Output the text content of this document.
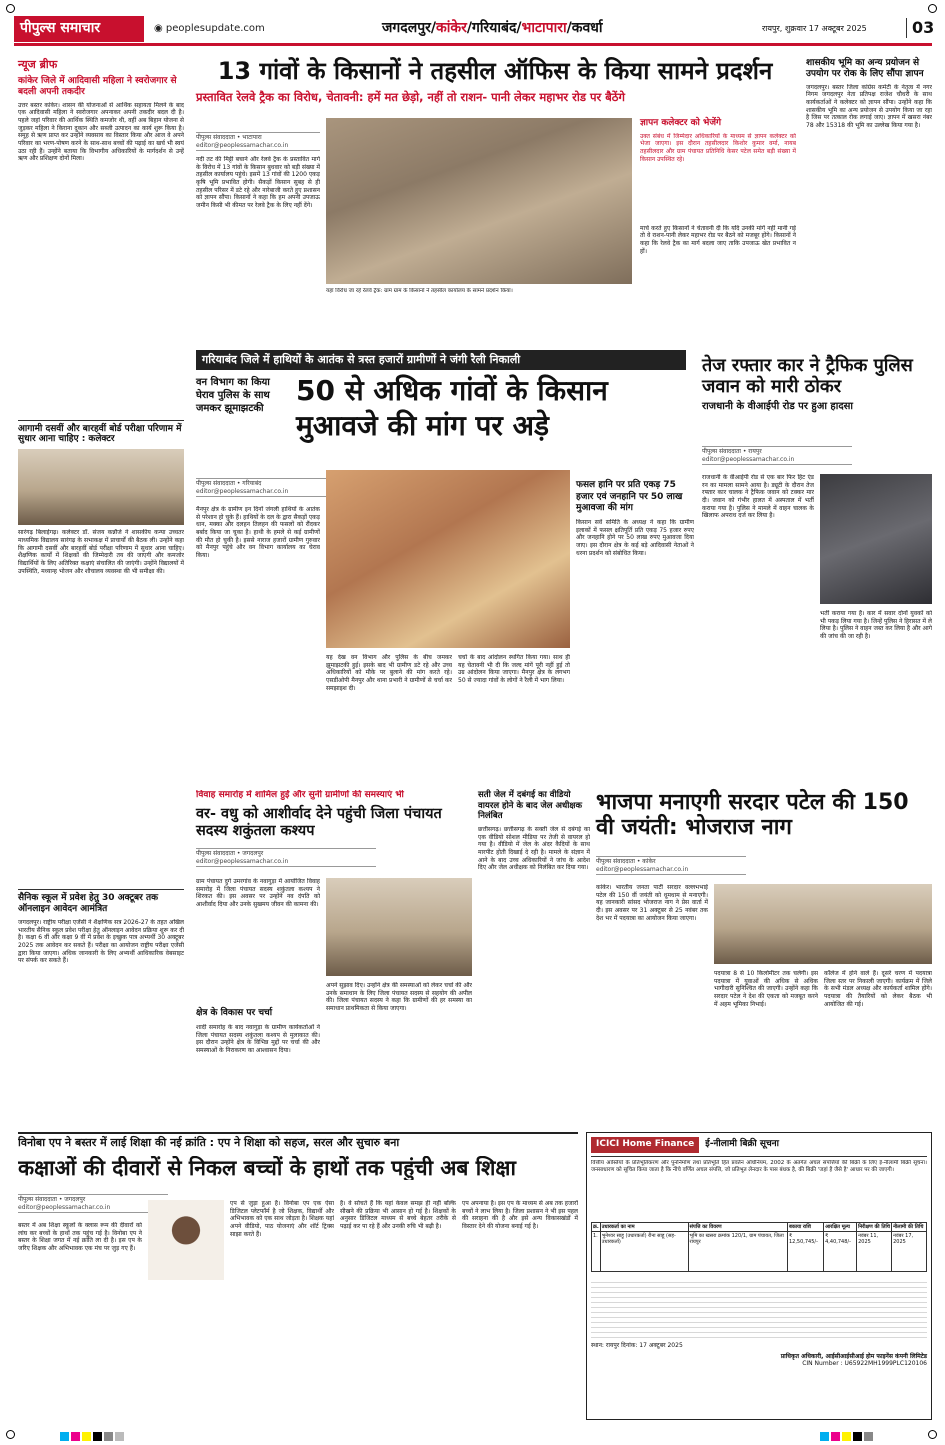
पीपुल्स समाचार	◉ peoplesupdate.com	जगदलपुर/कांकेर/गरियाबंद/भाटापारा/कवर्धा	रायपुर, शुक्रवार 17 अक्टूबर 2025	03
न्यूज ब्रीफ
कांकेर जिले में आदिवासी महिला ने स्वरोजगार से बदली अपनी तकदीर
उत्तर बस्तर कांकेर। शासन की योजनाओं से आर्थिक सहायता मिलने के बाद एक आदिवासी महिला ने स्वरोजगार अपनाकर अपनी तकदीर बदल दी है। पहले जहां परिवार की आर्थिक स्थिति कमजोर थी, वहीं अब बिहान योजना से जुड़कर महिला ने किराना दुकान और सब्जी उत्पादन का कार्य शुरू किया है। समूह से ऋण प्राप्त कर उन्होंने व्यवसाय का विस्तार किया और आज वे अपने परिवार का भरण-पोषण करने के साथ-साथ बच्चों की पढ़ाई का खर्च भी स्वयं उठा रही हैं। उन्होंने बताया कि विभागीय अधिकारियों के मार्गदर्शन से उन्हें ऋण और प्रशिक्षण दोनों मिला।
आगामी दसवीं और बारहवीं बोर्ड परीक्षा परिणाम में सुधार आना चाहिए : कलेक्टर
सारंगढ़ बिलाईगढ़। कलेक्टर डॉ. संजय कन्नौजे ने शासकीय कन्या उच्चतर माध्यमिक विद्यालय सारंगढ़ के सभाकक्ष में प्राचार्यों की बैठक ली। उन्होंने कहा कि आगामी दसवीं और बारहवीं बोर्ड परीक्षा परिणाम में सुधार आना चाहिए। शैक्षणिक कार्यों में शिक्षकों की जिम्मेदारी तय की जाएगी और कमजोर विद्यार्थियों के लिए अतिरिक्त कक्षाएं संचालित की जाएंगी। उन्होंने विद्यालयों में उपस्थिति, मध्यान्ह भोजन और शौचालय व्यवस्था की भी समीक्षा की।
सैनिक स्कूल में प्रवेश हेतु 30 अक्टूबर तक ऑनलाइन आवेदन आमंत्रित
जगदलपुर। राष्ट्रीय परीक्षा एजेंसी ने शैक्षणिक सत्र 2026-27 के तहत अखिल भारतीय सैनिक स्कूल प्रवेश परीक्षा हेतु ऑनलाइन आवेदन प्रक्रिया शुरू कर दी है। कक्षा 6 वीं और कक्षा 9 वीं में प्रवेश के इच्छुक पात्र अभ्यर्थी 30 अक्टूबर 2025 तक आवेदन कर सकते हैं। परीक्षा का आयोजन राष्ट्रीय परीक्षा एजेंसी द्वारा किया जाएगा। अधिक जानकारी के लिए अभ्यर्थी आधिकारिक वेबसाइट पर संपर्क कर सकते हैं।
13 गांवों के किसानों ने तहसील ऑफिस के किया सामने प्रदर्शन
प्रस्तावित रेलवे ट्रैक का विरोध, चेतावनी: हमें मत छेड़ो, नहीं तो राशन- पानी लेकर महाभर रोड पर बैठेंगे
पीपुल्स संवाददाता • भाटापारा
editor@peoplessamachar.co.in
नदी तट की मिट्टी बचाने और रेलवे ट्रैक के प्रस्तावित मार्ग के विरोध में 13 गांवों के किसान बुधवार को बड़ी संख्या में तहसील कार्यालय पहुंचे। इसमें 13 गांवों की 1200 एकड़ कृषि भूमि प्रभावित होगी। सैकड़ों किसान सुबह से ही तहसील परिसर में डटे रहे और नारेबाजी करते हुए प्रशासन को ज्ञापन सौंपा। किसानों ने कहा कि हम अपनी उपजाऊ जमीन किसी भी कीमत पर रेलवे ट्रैक के लिए नहीं देंगे।
यहां विरोध जा रहे रेलवे ट्रैक: ग्राम ग्राम के किसानों ने तहसील कार्यालय के सामने प्रदर्शन किया।
ज्ञापन कलेक्टर को भेजेंगे
उक्त संबंध में जिम्मेदार अधिकारियों के माध्यम से ज्ञापन कलेक्टर को भेजा जाएगा। इस दौरान तहसीलदार किशोर कुमार वर्मा, नायब तहसीलदार और ग्राम पंचायत प्रतिनिधि केसर पटेल समेत बड़ी संख्या में किसान उपस्थित रहे।
मार्च करते हुए किसानों ने चेतावनी दी कि यदि उनकी मांगें नहीं मानी गई तो वे राशन-पानी लेकर महाभर रोड पर बैठने को मजबूर होंगे। किसानों ने कहा कि रेलवे ट्रैक का मार्ग बदला जाए ताकि उपजाऊ खेत प्रभावित न हों।
शासकीय भूमि का अन्य प्रयोजन से उपयोग पर रोक के लिए सौंपा ज्ञापन
जगदलपुर। बस्तर जिला कांग्रेस कमेटी के नेतृत्व में नगर निगम जगदलपुर नेता प्रतिपक्ष राजेश चौधरी के साथ कार्यकर्ताओं ने कलेक्टर को ज्ञापन सौंपा। उन्होंने कहा कि शासकीय भूमि का अन्य प्रयोजन से उपयोग किया जा रहा है जिस पर तत्काल रोक लगाई जाए। ज्ञापन में खसरा नंबर 78 और 15318 की भूमि का उल्लेख किया गया है।
गरियाबंद जिले में हाथियों के आतंक से त्रस्त हजारों ग्रामीणों ने जंगी रैली निकाली
वन विभाग का किया घेराव पुलिस के साथ जमकर झूमाझटकी
50 से अधिक गांवों के किसान
मुआवजे की मांग पर अड़े
पीपुल्स संवाददाता • गरियाबंद
editor@peoplessamachar.co.in
मैनपुर क्षेत्र के ग्रामीण इन दिनों जंगली हाथियों के आतंक से परेशान हो चुके हैं। हाथियों के दल के द्वारा सैकड़ों एकड़ धान, मक्का और दलहन तिलहन की फसलों को रौंदकर बर्बाद किया जा चुका है। हाथी के हमले से कई ग्रामीणों की मौत हो चुकी है। इससे नाराज हजारों ग्रामीण गुरुवार को मैनपुर पहुंचे और वन विभाग कार्यालय का घेराव किया।
यह देख वन विभाग और पुलिस के बीच जमकर झूमाझटकी हुई। इसके बाद भी ग्रामीण डटे रहे और उच्च अधिकारियों को मौके पर बुलाने की मांग करते रहे। एसडीओपी मैनपुर और थाना प्रभारी ने ग्रामीणों से चर्चा कर समझाइश दी।
चर्चा के बाद आंदोलन स्थगित किया गया। साथ ही यह चेतावनी भी दी कि जल्द मांगें पूरी नहीं हुई तो उग्र आंदोलन किया जाएगा। मैनपुर क्षेत्र के लगभग 50 से ज्यादा गांवों के लोगों ने रैली में भाग लिया।
फसल हानि पर प्रति एकड़ 75 हजार एवं जनहानि पर 50 लाख मुआवजा की मांग
किसान सर्वे समिति के अध्यक्ष ने कहा कि ग्रामीण इलाकों में फसल क्षतिपूर्ति प्रति एकड़ 75 हजार रुपए और जनहानि होने पर 50 लाख रुपए मुआवजा दिया जाए। इस दौरान क्षेत्र के कई बड़े आदिवासी नेताओं ने धरना प्रदर्शन को संबोधित किया।
तेज रफ्तार कार ने ट्रैफिक पुलिस जवान को मारी ठोकर
राजधानी के वीआईपी रोड पर हुआ हादसा
पीपुल्स संवाददाता • रायपुर
editor@peoplessamachar.co.in
राजधानी के वीआईपी रोड से एक बार फिर हिट एंड रन का मामला सामने आया है। ड्यूटी के दौरान तेज रफ्तार कार चालक ने ट्रैफिक जवान को टक्कर मार दी। जवान को गंभीर हालत में अस्पताल में भर्ती कराया गया है। पुलिस ने मामले में वाहन चालक के खिलाफ अपराध दर्ज कर लिया है।
भर्ती कराया गया है। कार में सवार दोनों युवकों को भी पकड़ लिया गया है। जिन्हें पुलिस ने हिरासत में ले लिया है। पुलिस ने वाहन जब्त कर लिया है और आगे की जांच की जा रही है।
विवाह समारोह में शामिल हुईं और सुनी ग्रामीणों की समस्याएं भी
वर- वधु को आशीर्वाद देने पहुंची जिला पंचायत सदस्य शकुंतला कश्यप
पीपुल्स संवाददाता • जगदलपुर
editor@peoplessamachar.co.in
ग्राम पंचायत दुर्ग उमरगांव के नवागुड़ा में आयोजित विवाह समारोह में जिला पंचायत सदस्य शकुंतला कश्यप ने शिरकत की। इस अवसर पर उन्होंने नव दंपति को आशीर्वाद दिया और उनके सुखमय जीवन की कामना की।
क्षेत्र के विकास पर चर्चा
शादी समारोह के बाद नवागुड़ा के ग्रामीण कार्यकर्ताओं ने जिला पंचायत सदस्य शकुंतला कश्यप से मुलाकात की। इस दौरान उन्होंने क्षेत्र के विभिन्न मुद्दों पर चर्चा की और समस्याओं के निराकरण का आश्वासन दिया।
अपने सुझाव दिए। उन्होंने क्षेत्र की समस्याओं को लेकर चर्चा की और उनके समाधान के लिए जिला पंचायत सदस्य से सहयोग की अपील की। जिला पंचायत सदस्य ने कहा कि ग्रामीणों की हर समस्या का समाधान प्राथमिकता से किया जाएगा।
सती जेल में दबंगई का वीडियो वायरल होने के बाद जेल अधीक्षक निलंबित
छत्तीसगढ़। छत्तीसगढ़ के सक्ती जेल से दबंगई का एक वीडियो सोशल मीडिया पर तेजी से वायरल हो गया है। वीडियो में जेल के अंदर कैदियों के साथ मारपीट होती दिखाई दे रही है। मामले के संज्ञान में आने के बाद उच्च अधिकारियों ने जांच के आदेश दिए और जेल अधीक्षक को निलंबित कर दिया गया।
भाजपा मनाएगी सरदार पटेल की 150 वी जयंती: भोजराज नाग
पीपुल्स संवाददाता • कांकेर
editor@peoplessamachar.co.in
कांकेर। भारतीय जनता पार्टी सरदार वल्लभभाई पटेल की 150 वीं जयंती को धूमधाम से मनाएगी। यह जानकारी सांसद भोजराज नाग ने प्रेस वार्ता में दी। इस अवसर पर 31 अक्टूबर से 25 नवंबर तक देश भर में पदयात्रा का आयोजन किया जाएगा।
पदयात्रा 8 से 10 किलोमीटर तक चलेगी। इस पदयात्रा में युवाओं की अधिक से अधिक भागीदारी सुनिश्चित की जाएगी। उन्होंने कहा कि सरदार पटेल ने देश की एकता को मजबूत करने में अहम भूमिका निभाई।
कॉलेज में होने वाले हैं। दूसरे चरण में पदयात्रा जिला स्तर पर निकाली जाएगी। कार्यक्रम में जिले के सभी मंडल अध्यक्ष और कार्यकर्ता शामिल होंगे। पदयात्रा की तैयारियों को लेकर बैठक भी आयोजित की गई।
विनोबा एप ने बस्तर में लाई शिक्षा की नई क्रांति : एप ने शिक्षा को सहज, सरल और सुचारु बना
कक्षाओं की दीवारों से निकल बच्चों के हाथों तक पहुंची अब शिक्षा
पीपुल्स संवाददाता • जगदलपुर
editor@peoplessamachar.co.in
बस्तर में अब शिक्षा स्कूलों के क्लास रूम की दीवारों को लांघ कर बच्चों के हाथों तक पहुंच गई है। विनोबा एप ने बस्तर के शिक्षा जगत में नई क्रांति ला दी है। इस एप के जरिए शिक्षक और अभिभावक एक मंच पर जुड़ गए हैं।
एप से जुड़ा हुआ है। विनोबा एप एक ऐसा डिजिटल प्लेटफॉर्म है जो शिक्षक, विद्यार्थी और अभिभावक को एक साथ जोड़ता है। शिक्षक यहां अपने वीडियो, पाठ योजनाएं और शॉर्ट ट्रिक्स साझा करते हैं।
है। वे सोचते हैं कि यहां केवल समझ ही नहीं बल्कि सीखने की प्रक्रिया भी आसान हो गई है। शिक्षकों के अनुसार डिजिटल माध्यम से बच्चे बेहतर तरीके से पढ़ाई कर पा रहे हैं और उनकी रुचि भी बढ़ी है।
एप अपनाया है। इस एप के माध्यम से अब तक हजारों बच्चों ने लाभ लिया है। जिला प्रशासन ने भी इस पहल की सराहना की है और इसे अन्य विकासखंडों में विस्तार देने की योजना बनाई गई है।
ICICI Home Finance	ई-नीलामी बिक्री सूचना
वित्तीय आस्तियों के प्रतिभूतिकरण और पुनर्निर्माण तथा प्रतिभूति हित प्रवर्तन अधिनियम, 2002 के अंतर्गत अचल संपत्तियों की बिक्री के लिए ई-नीलामी बिक्री सूचना। जनसाधारण को सूचित किया जाता है कि नीचे वर्णित अचल संपत्ति, जो प्रतिभूत लेनदार के पास बंधक है, की बिक्री 'जहां है जैसे है' आधार पर की जाएगी।
क्र.	उधारकर्ता का नाम	संपत्ति का विवरण	बकाया राशि	आरक्षित मूल्य	निरीक्षण की तिथि	नीलामी की तिथि
1.	भुनेश्वर साहू (उधारकर्ता) रीना साहू (सह-उधारकर्ता)	भूमि का खसरा क्रमांक 120/1, ग्राम पंचायत, जिला रायपुर	₹ 12,50,745/-	₹ 4,40,748/-	नवंबर 11, 2025	नवंबर 17, 2025
स्थान: रायपुर दिनांक: 17 अक्टूबर 2025
प्राधिकृत अधिकारी, आईसीआईसीआई होम फाइनेंस कंपनी लिमिटेड
CIN Number : U65922MH1999PLC120106
